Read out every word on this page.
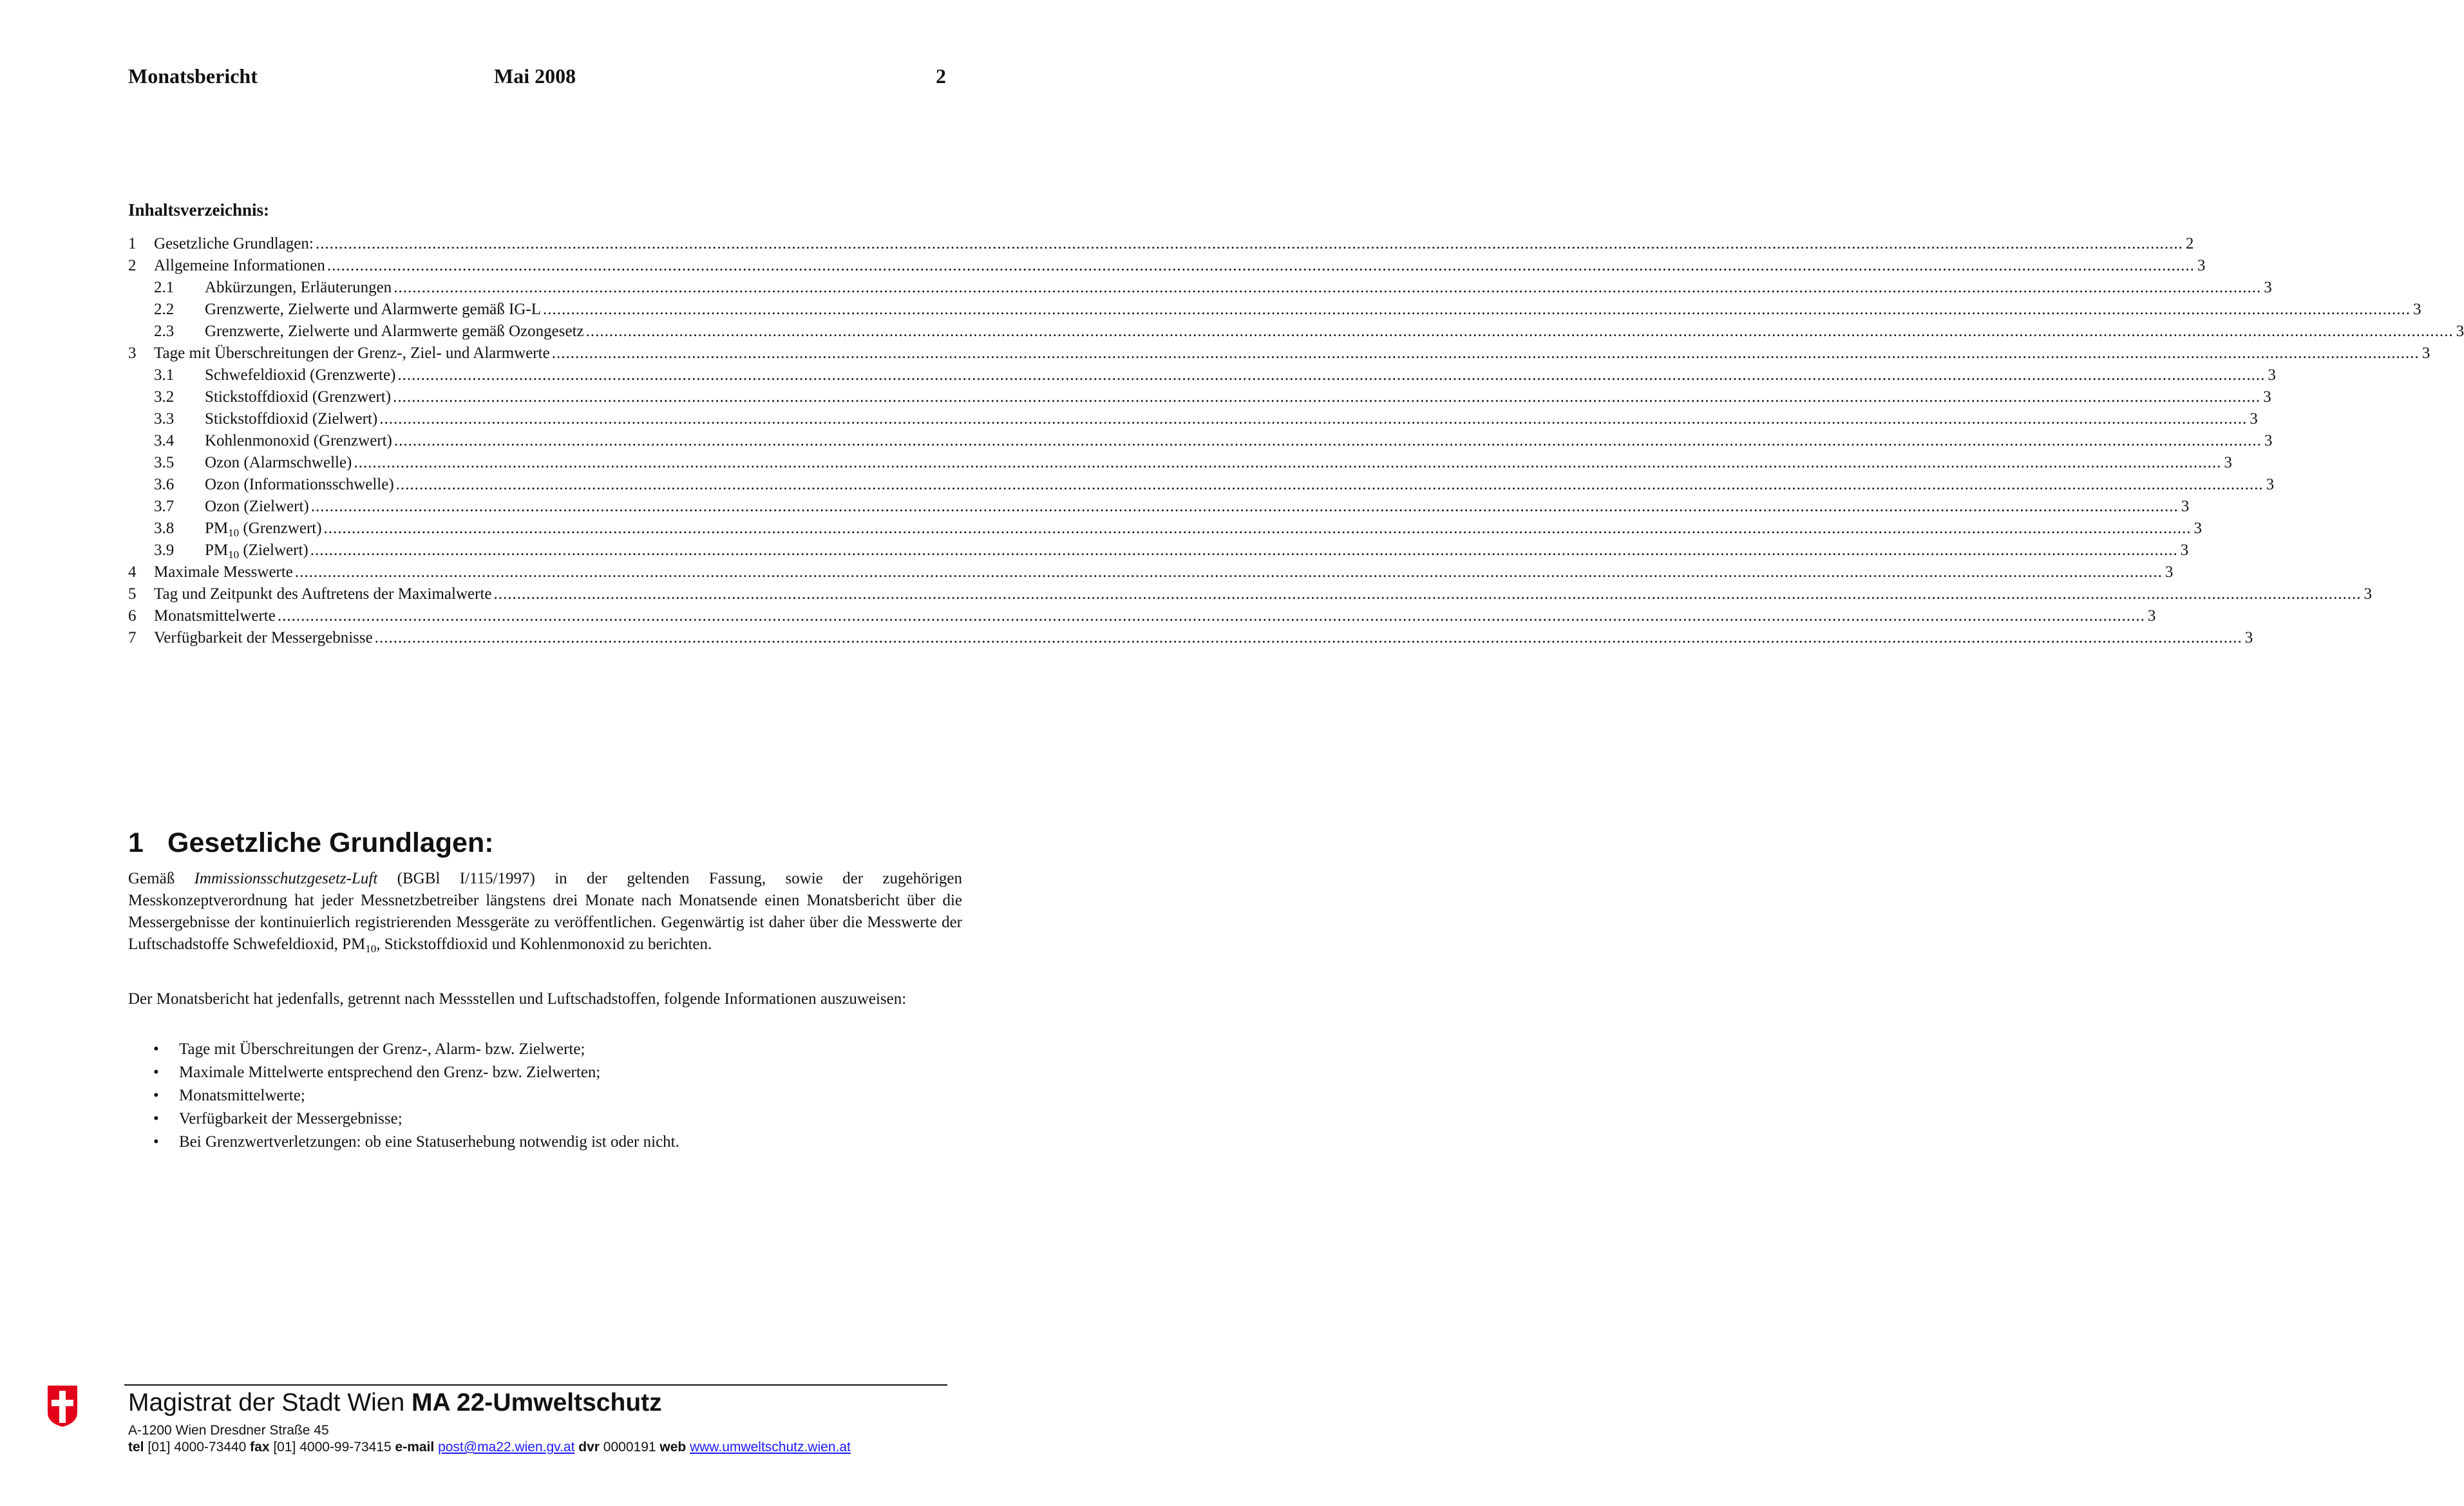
Monatsbericht	Mai 2008	2
Inhaltsverzeichnis:
1	Gesetzliche Grundlagen: ................................................................................................................................................................................................................................................................................................................................................................................................................ 2
2	Allgemeine Informationen ................................................................................................................................................................................................................................................................................................................................................................................................................ 3
2.1	Abkürzungen, Erläuterungen ................................................................................................................................................................................................................................................................................................................................................................................................................ 3
2.2	Grenzwerte, Zielwerte und Alarmwerte gemäß IG-L ................................................................................................................................................................................................................................................................................................................................................................................................................ 3
2.3	Grenzwerte, Zielwerte und Alarmwerte gemäß Ozongesetz ................................................................................................................................................................................................................................................................................................................................................................................................................ 3
3	Tage mit Überschreitungen der Grenz-, Ziel- und Alarmwerte ................................................................................................................................................................................................................................................................................................................................................................................................................ 3
3.1	Schwefeldioxid (Grenzwerte) ................................................................................................................................................................................................................................................................................................................................................................................................................ 3
3.2	Stickstoffdioxid (Grenzwert) ................................................................................................................................................................................................................................................................................................................................................................................................................ 3
3.3	Stickstoffdioxid (Zielwert) ................................................................................................................................................................................................................................................................................................................................................................................................................ 3
3.4	Kohlenmonoxid (Grenzwert) ................................................................................................................................................................................................................................................................................................................................................................................................................ 3
3.5	Ozon (Alarmschwelle) ................................................................................................................................................................................................................................................................................................................................................................................................................ 3
3.6	Ozon (Informationsschwelle) ................................................................................................................................................................................................................................................................................................................................................................................................................ 3
3.7	Ozon (Zielwert) ................................................................................................................................................................................................................................................................................................................................................................................................................ 3
3.8	$PM_{10}$ (Grenzwert) ................................................................................................................................................................................................................................................................................................................................................................................................................ 3
3.9	$PM_{10}$ (Zielwert) ................................................................................................................................................................................................................................................................................................................................................................................................................ 3
4	Maximale Messwerte ................................................................................................................................................................................................................................................................................................................................................................................................................ 3
5	Tag und Zeitpunkt des Auftretens der Maximalwerte ................................................................................................................................................................................................................................................................................................................................................................................................................ 3
6	Monatsmittelwerte ................................................................................................................................................................................................................................................................................................................................................................................................................ 3
7	Verfügbarkeit der Messergebnisse ................................................................................................................................................................................................................................................................................................................................................................................................................ 3
1 Gesetzliche Grundlagen:
Gemäß Immissionsschutzgesetz-Luft (BGBl I/115/1997) in der geltenden Fassung, sowie der zugehörigen Messkonzeptverordnung hat jeder Messnetzbetreiber längstens drei Monate nach Monatsende einen Monatsbericht über die Messergebnisse der kontinuierlich registrierenden Messgeräte zu veröffentlichen. Gegenwärtig ist daher über die Messwerte der Luftschadstoffe Schwefeldioxid, $PM_{10}$, Stickstoffdioxid und Kohlenmonoxid zu berichten.
Der Monatsbericht hat jedenfalls, getrennt nach Messstellen und Luftschadstoffen, folgende Informationen auszuweisen:
• Tage mit Überschreitungen der Grenz-, Alarm- bzw. Zielwerte;
• Maximale Mittelwerte entsprechend den Grenz- bzw. Zielwerten;
• Monatsmittelwerte;
• Verfügbarkeit der Messergebnisse;
• Bei Grenzwertverletzungen: ob eine Statuserhebung notwendig ist oder nicht.
Magistrat der Stadt Wien MA 22-Umweltschutz
A-1200 Wien Dresdner Straße 45
tel [01] 4000-73440 fax [01] 4000-99-73415 e-mail post@ma22.wien.gv.at dvr 0000191 web www.umweltschutz.wien.at
